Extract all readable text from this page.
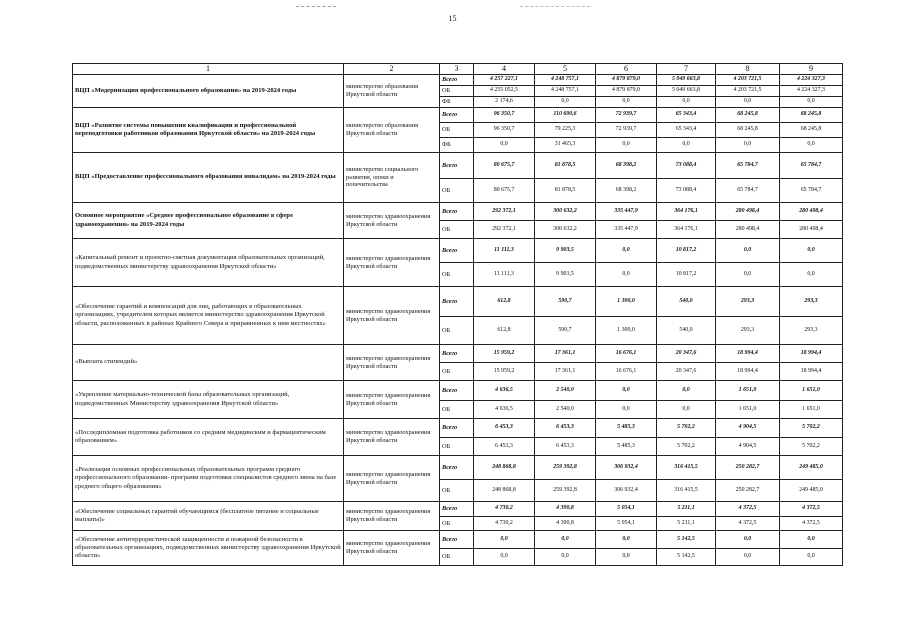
15
1	2	3	4	5	6	7	8	9
ВЦП «Модернизация профессионального образования» на 2019-2024 годы	министерство образования Иркутской области	Всего	4 257 227,1	4 248 757,1	4 879 879,0	5 049 663,8	4 203 721,5	4 224 327,3
		ОБ	4 255 052,5	4 248 757,1	4 879 879,0	5 049 663,8	4 203 721,5	4 224 327,3
		ФБ	2 174,6	0,0	0,0	0,0	0,0	0,0
ВЦП «Развитие системы повышения квалификации и профессиональной переподготовки работников образования Иркутской области» на 2019-2024 годы	министерство образования Иркутской области	Всего	96 350,7	110 690,6	72 939,7	65 343,4	68 245,8	68 245,8
		ОБ	96 350,7	79 225,3	72 939,7	65 343,4	68 245,8	68 245,8
		ФБ	0,0	31 465,3	0,0	0,0	0,0	0,0
ВЦП «Предоставление профессионального образования инвалидам» на 2019-2024 годы	министерство социального развития, опеки и попечительства	Всего	80 675,7	81 878,5	68 398,2	73 088,4	65 784,7	65 784,7
		ОБ	80 675,7	81 878,5	68 398,2	73 088,4	65 784,7	65 784,7
Основное мероприятие «Среднее профессиональное образование в сфере здравоохранения» на 2019-2024 годы	министерство здравоохранения Иркутской области	Всего	292 372,1	300 632,2	335 447,9	364 176,1	280 498,4	280 498,4
		ОБ	292 372,1	300 632,2	335 447,9	364 176,1	280 498,4	280 498,4
«Капитальный ремонт и проектно-сметная документация образовательных организаций, подведомственных министерству здравоохранения Иркутской области»	министерство здравоохранения Иркутской области	Всего	11 111,3	9 903,5	0,0	10 817,2	0,0	0,0
		ОБ	11 111,3	9 903,5	0,0	10 817,2	0,0	0,0
«Обеспечение гарантий и компенсаций для лиц, работающих в образовательных организациях, учредителем которых является министерство здравоохранения Иркутской области, расположенных в районах Крайнего Севера и приравненных к ним местностях»	министерство здравоохранения Иркутской области	Всего	612,8	590,7	1 300,0	540,0	293,3	293,3
		ОБ	612,8	590,7	1 300,0	540,0	293,3	293,3
«Выплата стипендий»	министерство здравоохранения Иркутской области	Всего	15 959,2	17 361,1	16 676,1	20 347,6	18 994,4	18 994,4
		ОБ	15 959,2	17 361,1	16 676,1	20 347,6	18 994,4	18 994,4
«Укрепление материально-технической базы образовательных организаций, подведомственных Министерству здравоохранения Иркутской области»	министерство здравоохранения Иркутской области	Всего	4 636,5	2 540,0	0,0	0,0	1 651,0	1 651,0
		ОБ	4 636,5	2 540,0	0,0	0,0	1 651,0	1 651,0
«Последипломная подготовка работников со средним медицинским и фармацевтическим образованием»	министерство здравоохранения Иркутской области	Всего	6 453,3	6 453,3	5 485,3	5 702,2	4 904,5	5 702,2
		ОБ	6 453,3	6 453,3	5 485,3	5 702,2	4 904,5	5 702,2
«Реализация основных профессиональных образовательных программ среднего профессионального образования- программ подготовки специалистов среднего звена на базе среднего общего образования»	министерство здравоохранения Иркутской области	Всего	248 868,8	259 392,8	306 932,4	316 415,5	250 282,7	249 485,0
		ОБ	248 868,8	259 392,8	306 932,4	316 415,5	250 282,7	249 485,0
«Обеспечение социальных гарантий обучающимся (бесплатное питание и социальные выплаты)»	министерство здравоохранения Иркутской области	Всего	4 730,2	4 390,8	5 054,1	5 211,1	4 372,5	4 372,5
		ОБ	4 730,2	4 390,8	5 054,1	5 211,1	4 372,5	4 372,5
«Обеспечение антитеррористической защищенности и пожарной безопасности в образовательных организациях, подведомственных министерству здравоохранения Иркутской области»	министерство здравоохранения Иркутской области	Всего	0,0	0,0	0,0	5 142,5	0,0	0,0
		ОБ	0,0	0,0	0,0	5 142,5	0,0	0,0
